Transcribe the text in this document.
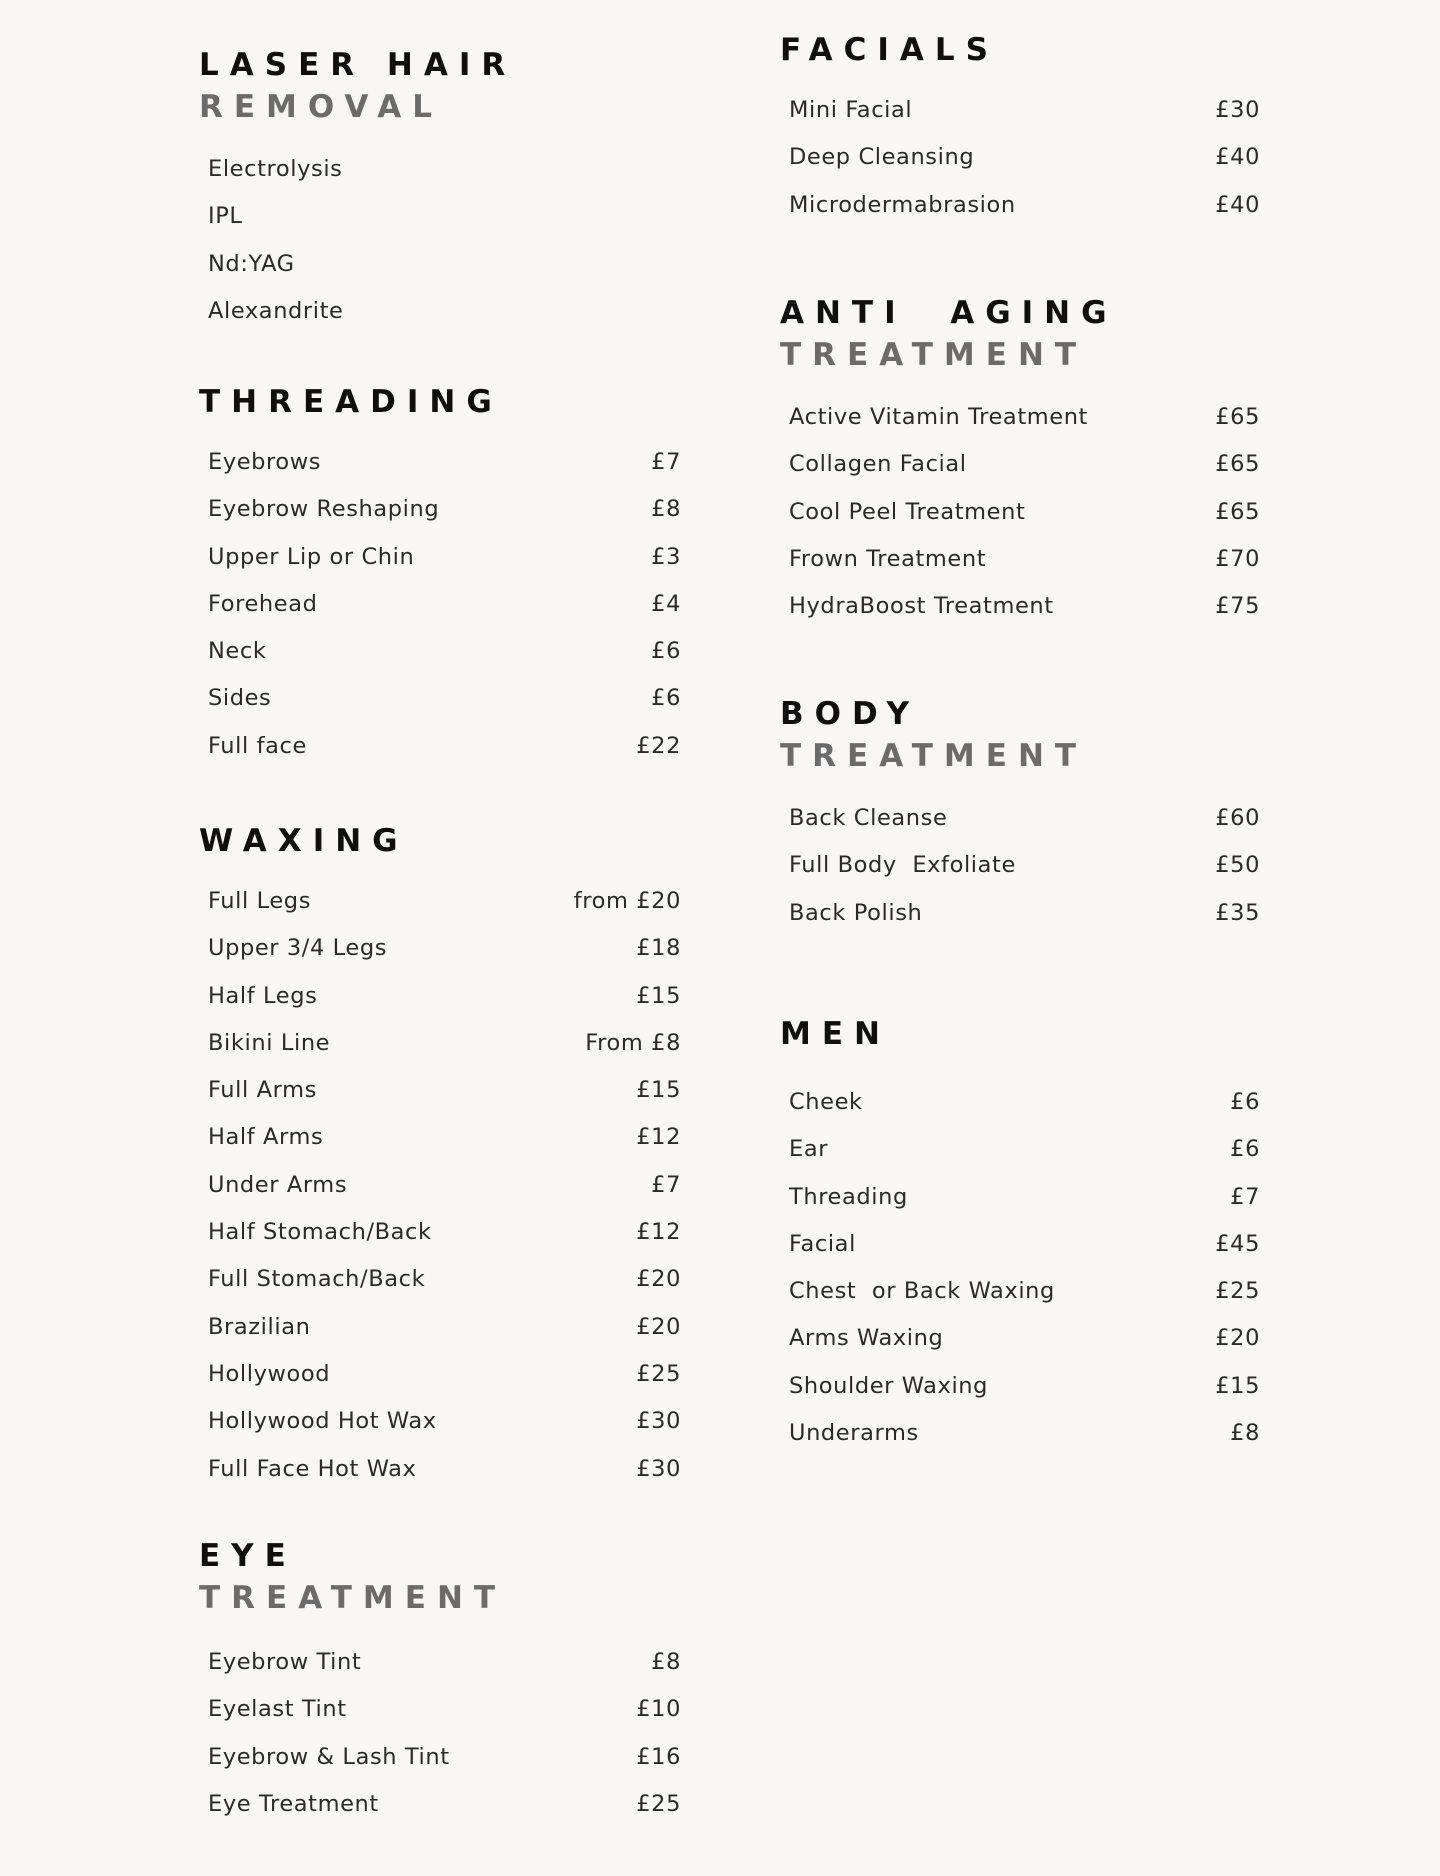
LASER HAIR
REMOVAL
Electrolysis
IPL
Nd:YAG
Alexandrite
THREADING
Eyebrows	£7
Eyebrow Reshaping	£8
Upper Lip or Chin	£3
Forehead	£4
Neck	£6
Sides	£6
Full face	£22
WAXING
Full Legs	from £20
Upper 3/4 Legs	£18
Half Legs	£15
Bikini Line	From £8
Full Arms	£15
Half Arms	£12
Under Arms	£7
Half Stomach/Back	£12
Full Stomach/Back	£20
Brazilian	£20
Hollywood	£25
Hollywood Hot Wax	£30
Full Face Hot Wax	£30
EYE
TREATMENT
Eyebrow Tint	£8
Eyelast Tint	£10
Eyebrow & Lash Tint	£16
Eye Treatment	£25
FACIALS
Mini Facial	£30
Deep Cleansing	£40
Microdermabrasion	£40
ANTI  AGING
TREATMENT
Active Vitamin Treatment	£65
Collagen Facial	£65
Cool Peel Treatment	£65
Frown Treatment	£70
HydraBoost Treatment	£75
BODY
TREATMENT
Back Cleanse	£60
Full Body  Exfoliate	£50
Back Polish	£35
MEN
Cheek	£6
Ear	£6
Threading	£7
Facial	£45
Chest  or Back Waxing	£25
Arms Waxing	£20
Shoulder Waxing	£15
Underarms	£8
